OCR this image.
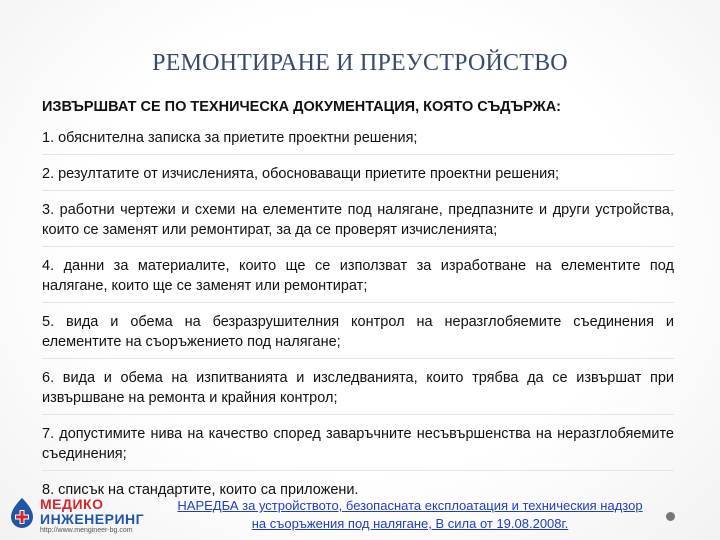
РЕМОНТИРАНЕ И ПРЕУСТРОЙСТВО
ИЗВЪРШВАТ СЕ ПО ТЕХНИЧЕСКА ДОКУМЕНТАЦИЯ, КОЯТО СЪДЪРЖА:
1. обяснителна записка за приетите проектни решения;
2. резултатите от изчисленията, обосноваващи приетите проектни решения;
3. работни чертежи и схеми на елементите под налягане, предпазните и други устройства, които се заменят или ремонтират, за да се проверят изчисленията;
4. данни за материалите, които ще се използват за изработване на елементите под налягане, които ще се заменят или ремонтират;
5. вида и обема на безразрушителния контрол на неразглобяемите съединения и елементите на съоръжението под налягане;
6. вида и обема на изпитванията и изследванията, които трябва да се извършат при извършване на ремонта и крайния контрол;
7. допустимите нива на качество според заваръчните несъвършенства на неразглобяемите съединения;
8. списък на стандартите, които са приложени.
МЕДИКО
ИНЖЕНЕРИНГ
http://www.mengineer-bg.com
НАРЕДБА за устройството, безопасната експлоатация и техническия надзор
на съоръжения под налягане, В сила от 19.08.2008г.
